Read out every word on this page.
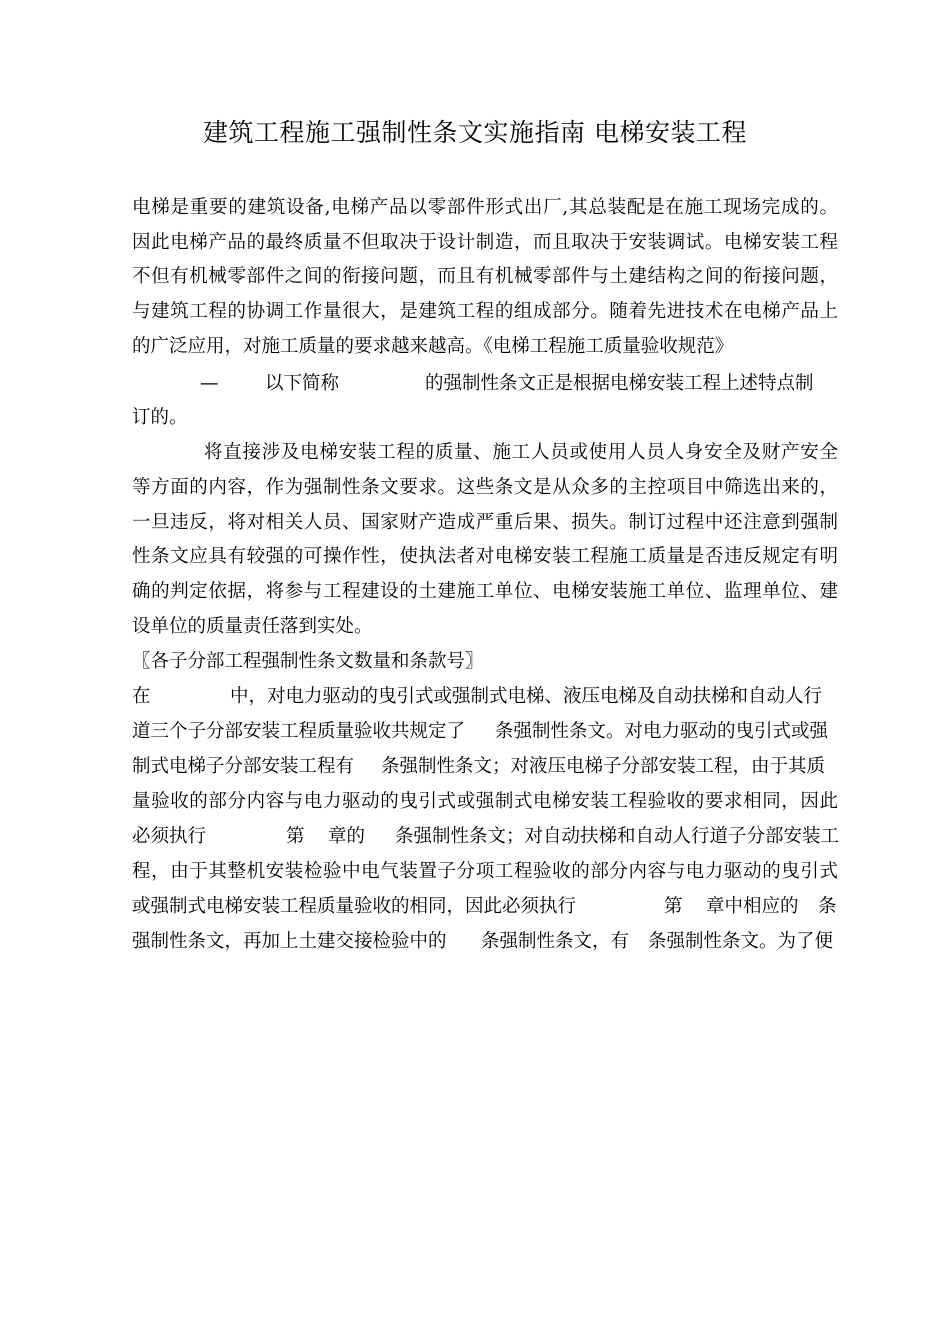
建筑工程施工强制性条文实施指南 电梯安装工程
电梯是重要的建筑设备,电梯产品以零部件形式出厂,其总装配是在施工现场完成的。
因此电梯产品的最终质量不但取决于设计制造，而且取决于安装调试。电梯安装工程
不但有机械零部件之间的衔接问题，而且有机械零部件与土建结构之间的衔接问题，
与建筑工程的协调工作量很大，是建筑工程的组成部分。随着先进技术在电梯产品上
的广泛应用，对施工质量的要求越来越高。《电梯工程施工质量验收规范》
—	以下简称	的强制性条文正是根据电梯安装工程上述特点制
订的。
将直接涉及电梯安装工程的质量、施工人员或使用人员人身安全及财产安全
等方面的内容，作为强制性条文要求。这些条文是从众多的主控项目中筛选出来的，
一旦违反，将对相关人员、国家财产造成严重后果、损失。制订过程中还注意到强制
性条文应具有较强的可操作性，使执法者对电梯安装工程施工质量是否违反规定有明
确的判定依据，将参与工程建设的土建施工单位、电梯安装施工单位、监理单位、建
设单位的质量责任落到实处。
〖各子分部工程强制性条文数量和条款号〗
在	中，对电力驱动的曳引式或强制式电梯、液压电梯及自动扶梯和自动人行
道三个子分部安装工程质量验收共规定了 条强制性条文。对电力驱动的曳引式或强
制式电梯子分部安装工程有 条强制性条文；对液压电梯子分部安装工程，由于其质
量验收的部分内容与电力驱动的曳引式或强制式电梯安装工程验收的要求相同，因此
必须执行	第 章的 条强制性条文；对自动扶梯和自动人行道子分部安装工
程，由于其整机安装检验中电气装置子分项工程验收的部分内容与电力驱动的曳引式
或强制式电梯安装工程质量验收的相同，因此必须执行	第 章中相应的 条
强制性条文，再加上土建交接检验中的 条强制性条文，有 条强制性条文。为了便
